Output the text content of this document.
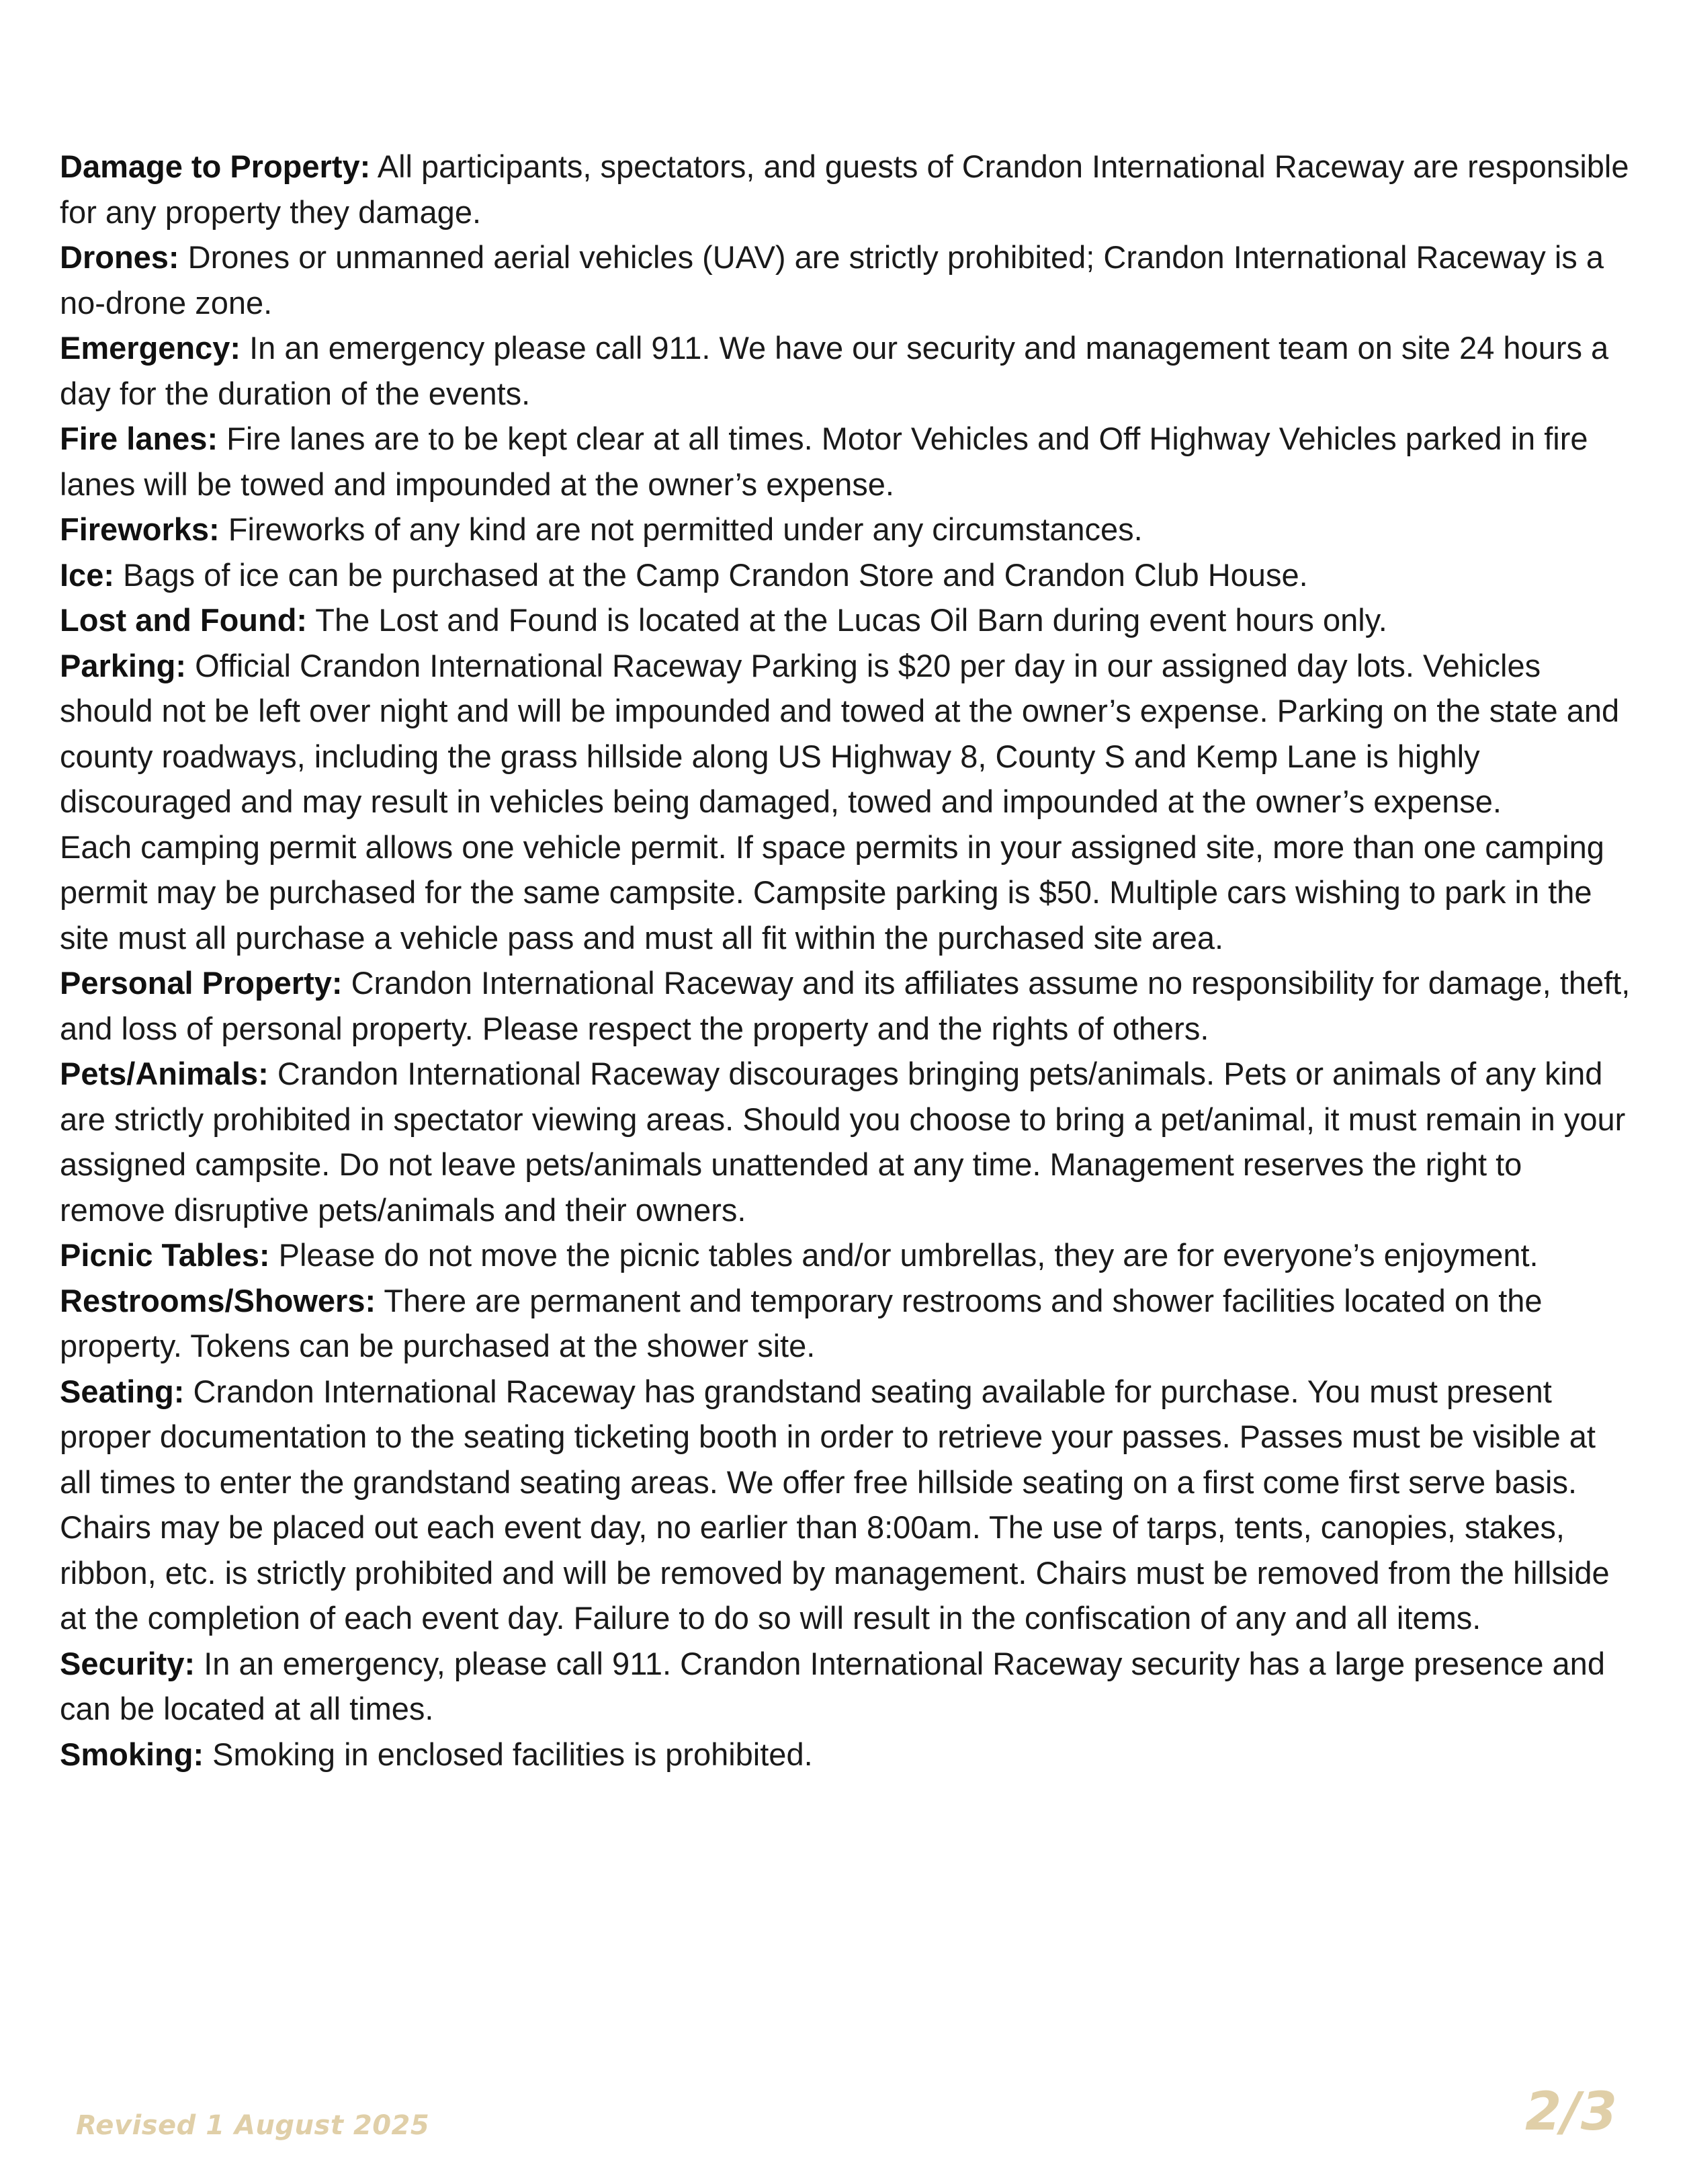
Damage to Property: All participants, spectators, and guests of Crandon International Raceway are responsible for any property they damage.

Drones: Drones or unmanned aerial vehicles (UAV) are strictly prohibited; Crandon International Raceway is a no-drone zone.

Emergency: In an emergency please call 911. We have our security and management team on site 24 hours a day for the duration of the events.

Fire lanes: Fire lanes are to be kept clear at all times. Motor Vehicles and Off Highway Vehicles parked in fire lanes will be towed and impounded at the owner’s expense.

Fireworks: Fireworks of any kind are not permitted under any circumstances.

Ice: Bags of ice can be purchased at the Camp Crandon Store and Crandon Club House.

Lost and Found: The Lost and Found is located at the Lucas Oil Barn during event hours only.

Parking: Official Crandon International Raceway Parking is $20 per day in our assigned day lots. Vehicles should not be left over night and will be impounded and towed at the owner’s expense. Parking on the state and county roadways, including the grass hillside along US Highway 8, County S and Kemp Lane is highly discouraged and may result in vehicles being damaged, towed and impounded at the owner’s expense.

Each camping permit allows one vehicle permit. If space permits in your assigned site, more than one camping permit may be purchased for the same campsite. Campsite parking is $50. Multiple cars wishing to park in the site must all purchase a vehicle pass and must all fit within the purchased site area.

Personal Property: Crandon International Raceway and its affiliates assume no responsibility for damage, theft, and loss of personal property. Please respect the property and the rights of others.

Pets/Animals: Crandon International Raceway discourages bringing pets/animals. Pets or animals of any kind are strictly prohibited in spectator viewing areas. Should you choose to bring a pet/animal, it must remain in your assigned campsite. Do not leave pets/animals unattended at any time. Management reserves the right to remove disruptive pets/animals and their owners.

Picnic Tables: Please do not move the picnic tables and/or umbrellas, they are for everyone’s enjoyment.

Restrooms/Showers: There are permanent and temporary restrooms and shower facilities located on the property. Tokens can be purchased at the shower site.

Seating: Crandon International Raceway has grandstand seating available for purchase. You must present proper documentation to the seating ticketing booth in order to retrieve your passes. Passes must be visible at all times to enter the grandstand seating areas. We offer free hillside seating on a first come first serve basis. Chairs may be placed out each event day, no earlier than 8:00am. The use of tarps, tents, canopies, stakes, ribbon, etc. is strictly prohibited and will be removed by management. Chairs must be removed from the hillside at the completion of each event day. Failure to do so will result in the confiscation of any and all items.

Security: In an emergency, please call 911. Crandon International Raceway security has a large presence and can be located at all times.

Smoking: Smoking in enclosed facilities is prohibited.

Revised 1 August 2025	2/3
